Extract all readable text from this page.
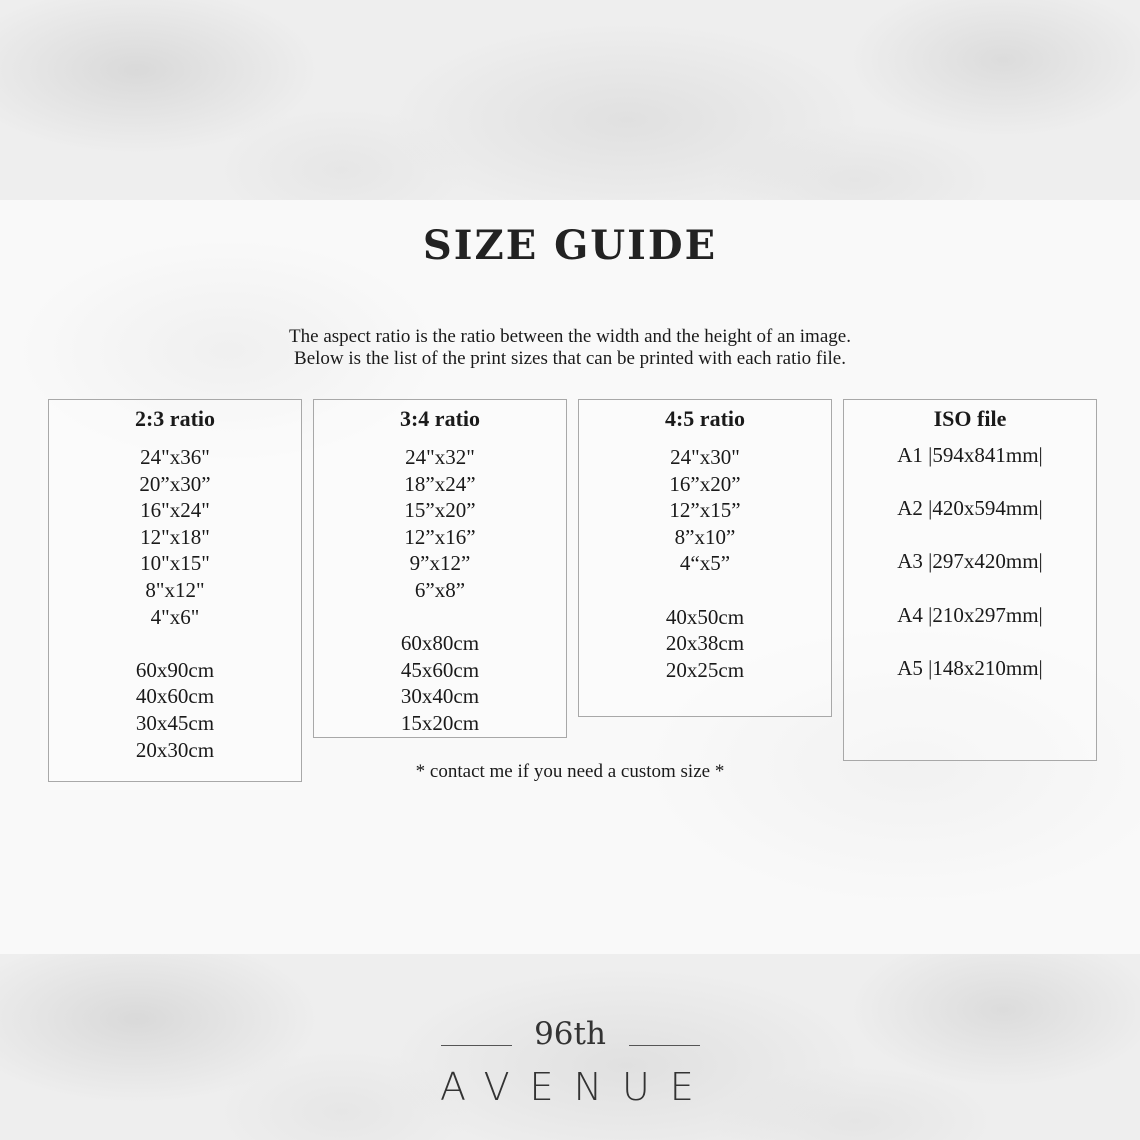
SIZE GUIDE
The aspect ratio is the ratio between the width and the height of an image.
Below is the list of the print sizes that can be printed with each ratio file.
2:3 ratio
24"x36"
20”x30”
16"x24"
12"x18"
10"x15"
8"x12"
4"x6"
60x90cm
40x60cm
30x45cm
20x30cm
3:4 ratio
24"x32"
18”x24”
15”x20”
12”x16”
9”x12”
6”x8”
60x80cm
45x60cm
30x40cm
15x20cm
4:5 ratio
24"x30"
16”x20”
12”x15”
8”x10”
4“x5”
40x50cm
20x38cm
20x25cm
ISO file
A1 |594x841mm|
A2 |420x594mm|
A3 |297x420mm|
A4 |210x297mm|
A5 |148x210mm|
* contact me if you need a custom size *
96th
AVENUE
